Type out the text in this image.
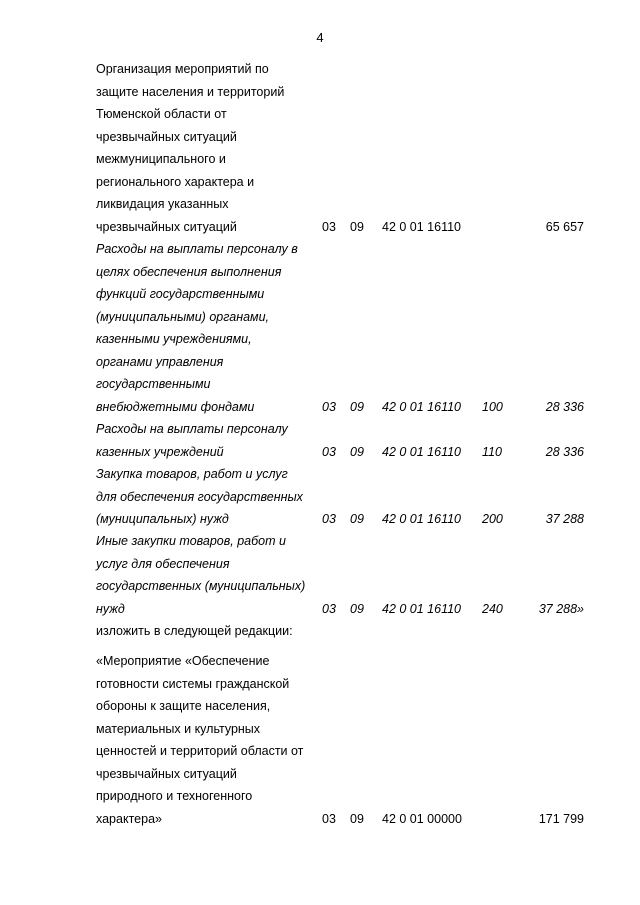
4
Организация мероприятий по
защите населения и территорий
Тюменской области от
чрезвычайных ситуаций
межмуниципального и
регионального характера и
ликвидация указанных
чрезвычайных ситуаций	03 09 42 0 01 16110	65 657
Расходы на выплаты персоналу в
целях обеспечения выполнения
функций государственными
(муниципальными) органами,
казенными учреждениями,
органами управления
государственными
внебюджетными фондами	03 09 42 0 01 16110 100	28 336
Расходы на выплаты персоналу
казенных учреждений	03 09 42 0 01 16110 110	28 336
Закупка товаров, работ и услуг
для обеспечения государственных
(муниципальных) нужд	03 09 42 0 01 16110 200	37 288
Иные закупки товаров, работ и
услуг для обеспечения
государственных (муниципальных)
нужд	03 09 42 0 01 16110 240	37 288»
изложить в следующей редакции:
«Мероприятие «Обеспечение
готовности системы гражданской
обороны к защите населения,
материальных и культурных
ценностей и территорий области от
чрезвычайных ситуаций
природного и техногенного
характера»	03 09 42 0 01 00000	171 799
